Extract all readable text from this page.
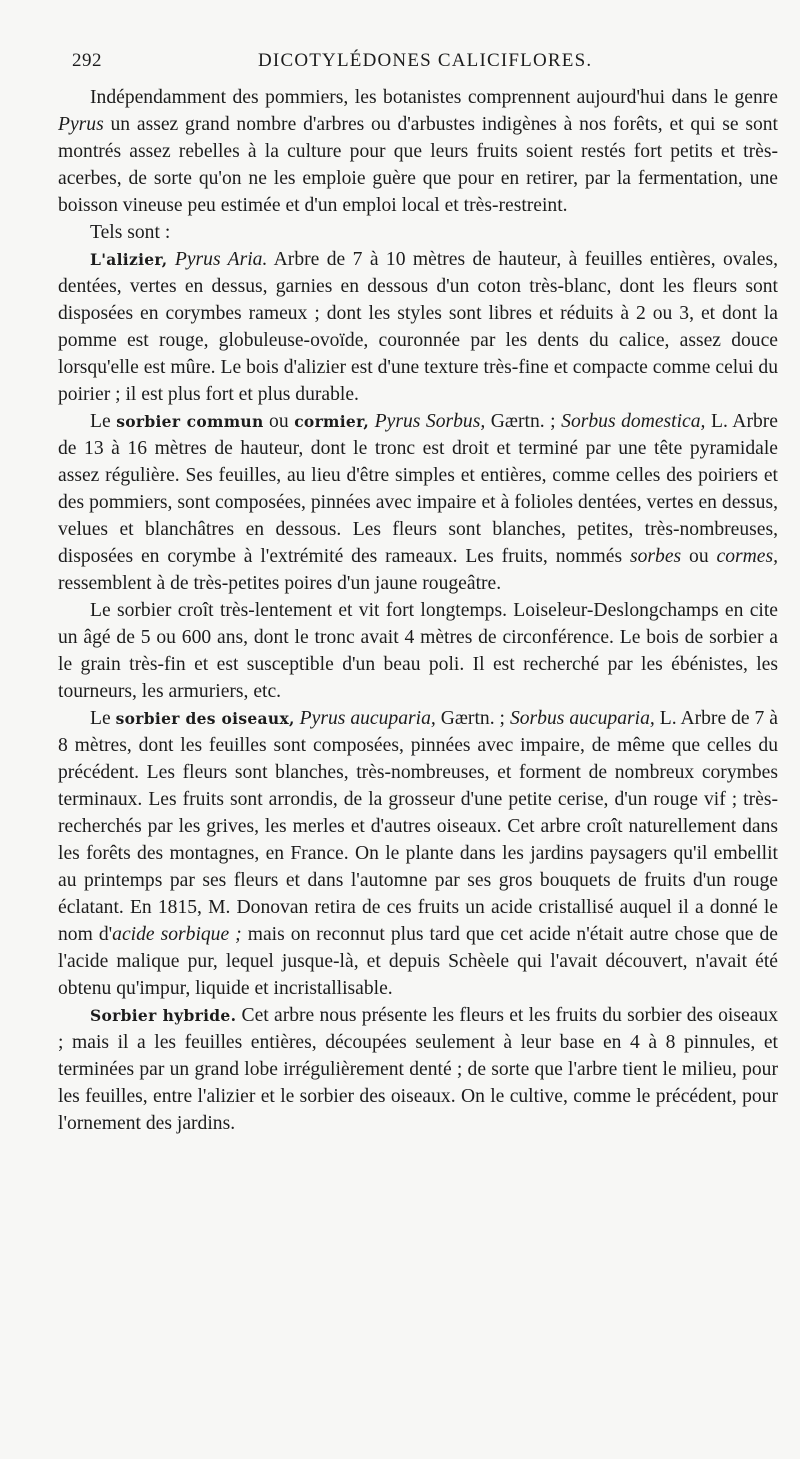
292	DICOTYLÉDONES CALICIFLORES.

Indépendamment des pommiers, les botanistes comprennent aujourd'hui dans le genre Pyrus un assez grand nombre d'arbres ou d'arbustes indigènes à nos forêts, et qui se sont montrés assez rebelles à la culture pour que leurs fruits soient restés fort petits et très-acerbes, de sorte qu'on ne les emploie guère que pour en retirer, par la fermentation, une boisson vineuse peu estimée et d'un emploi local et très-restreint.

Tels sont :

L'alizier, Pyrus Aria. Arbre de 7 à 10 mètres de hauteur, à feuilles entières, ovales, dentées, vertes en dessus, garnies en dessous d'un coton très-blanc, dont les fleurs sont disposées en corymbes rameux ; dont les styles sont libres et réduits à 2 ou 3, et dont la pomme est rouge, globuleuse-ovoïde, couronnée par les dents du calice, assez douce lorsqu'elle est mûre. Le bois d'alizier est d'une texture très-fine et compacte comme celui du poirier ; il est plus fort et plus durable.

Le sorbier commun ou cormier, Pyrus Sorbus, Gærtn. ; Sorbus domestica, L. Arbre de 13 à 16 mètres de hauteur, dont le tronc est droit et terminé par une tête pyramidale assez régulière. Ses feuilles, au lieu d'être simples et entières, comme celles des poiriers et des pommiers, sont composées, pinnées avec impaire et à folioles dentées, vertes en dessus, velues et blanchâtres en dessous. Les fleurs sont blanches, petites, très-nombreuses, disposées en corymbe à l'extrémité des rameaux. Les fruits, nommés sorbes ou cormes, ressemblent à de très-petites poires d'un jaune rougeâtre.

Le sorbier croît très-lentement et vit fort longtemps. Loiseleur-Deslongchamps en cite un âgé de 5 ou 600 ans, dont le tronc avait 4 mètres de circonférence. Le bois de sorbier a le grain très-fin et est susceptible d'un beau poli. Il est recherché par les ébénistes, les tourneurs, les armuriers, etc.

Le sorbier des oiseaux, Pyrus aucuparia, Gærtn. ; Sorbus aucuparia, L. Arbre de 7 à 8 mètres, dont les feuilles sont composées, pinnées avec impaire, de même que celles du précédent. Les fleurs sont blanches, très-nombreuses, et forment de nombreux corymbes terminaux. Les fruits sont arrondis, de la grosseur d'une petite cerise, d'un rouge vif ; très-recherchés par les grives, les merles et d'autres oiseaux. Cet arbre croît naturellement dans les forêts des montagnes, en France. On le plante dans les jardins paysagers qu'il embellit au printemps par ses fleurs et dans l'automne par ses gros bouquets de fruits d'un rouge éclatant. En 1815, M. Donovan retira de ces fruits un acide cristallisé auquel il a donné le nom d'acide sorbique ; mais on reconnut plus tard que cet acide n'était autre chose que de l'acide malique pur, lequel jusque-là, et depuis Schèele qui l'avait découvert, n'avait été obtenu qu'impur, liquide et incristallisable.

Sorbier hybride. Cet arbre nous présente les fleurs et les fruits du sorbier des oiseaux ; mais il a les feuilles entières, découpées seulement à leur base en 4 à 8 pinnules, et terminées par un grand lobe irrégulièrement denté ; de sorte que l'arbre tient le milieu, pour les feuilles, entre l'alizier et le sorbier des oiseaux. On le cultive, comme le précédent, pour l'ornement des jardins.
